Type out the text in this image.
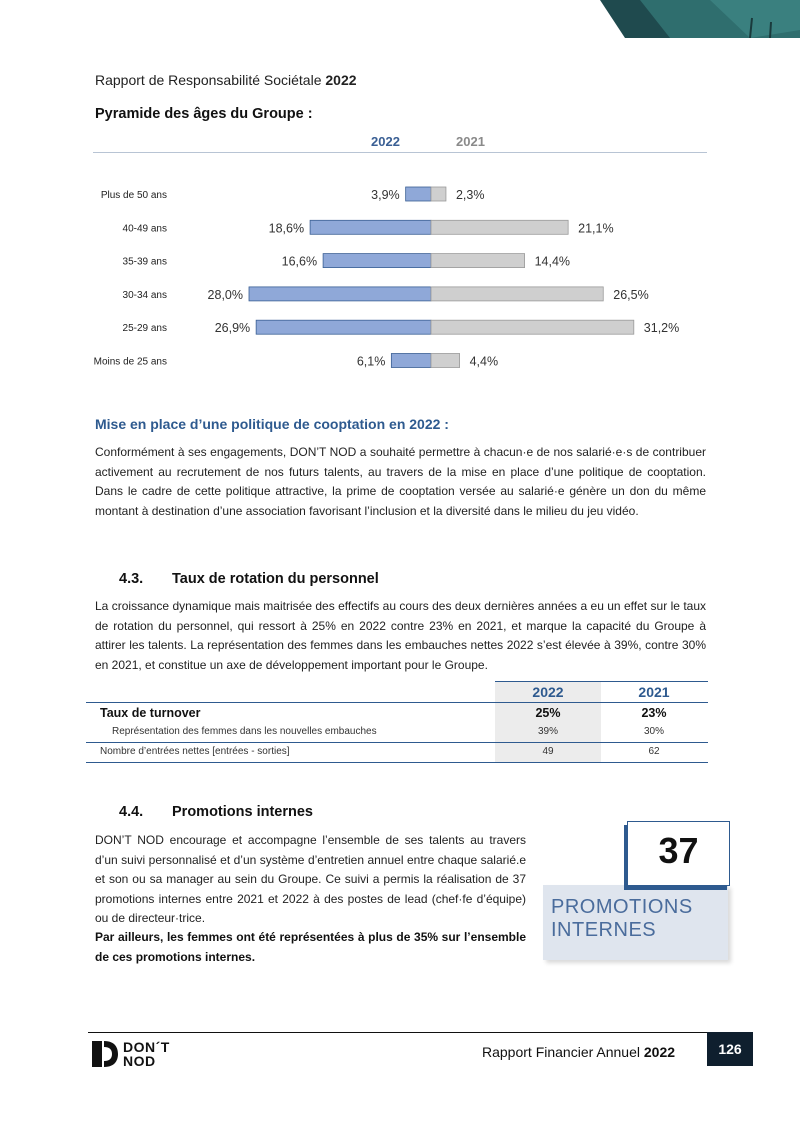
Rapport de Responsabilité Sociétale 2022
Pyramide des âges du Groupe :
2022	2021
Plus de 50 ans	3,9%	2,3%
40-49 ans	18,6%	21,1%
35-39 ans	16,6%	14,4%
30-34 ans	28,0%	26,5%
25-29 ans	26,9%	31,2%
Moins de 25 ans	6,1%	4,4%
Mise en place d’une politique de cooptation en 2022 :
Conformément à ses engagements, DON’T NOD a souhaité permettre à chacun·e de nos salarié·e·s de contribuer activement au recrutement de nos futurs talents, au travers de la mise en place d’une politique de cooptation. Dans le cadre de cette politique attractive, la prime de cooptation versée au salarié·e génère un don du même montant à destination d’une association favorisant l’inclusion et la diversité dans le milieu du jeu vidéo.
4.3. Taux de rotation du personnel
La croissance dynamique mais maitrisée des effectifs au cours des deux dernières années a eu un effet sur le taux de rotation du personnel, qui ressort à 25% en 2022 contre 23% en 2021, et marque la capacité du Groupe à attirer les talents. La représentation des femmes dans les embauches nettes 2022 s’est élevée à 39%, contre 30% en 2021, et constitue un axe de développement important pour le Groupe.
2022	2021
Taux de turnover	25%	23%
Représentation des femmes dans les nouvelles embauches	39%	30%
Nombre d’entrées nettes [entrées - sorties]	49	62
4.4. Promotions internes
DON’T NOD encourage et accompagne l’ensemble de ses talents au travers d’un suivi personnalisé et d’un système d’entretien annuel entre chaque salarié.e et son ou sa manager au sein du Groupe. Ce suivi a permis la réalisation de 37 promotions internes entre 2021 et 2022 à des postes de lead (chef·fe d’équipe) ou de directeur·trice.
Par ailleurs, les femmes ont été représentées à plus de 35% sur l’ensemble de ces promotions internes.
37
PROMOTIONS
INTERNES
DON´T
NOD
Rapport Financier Annuel 2022	126
